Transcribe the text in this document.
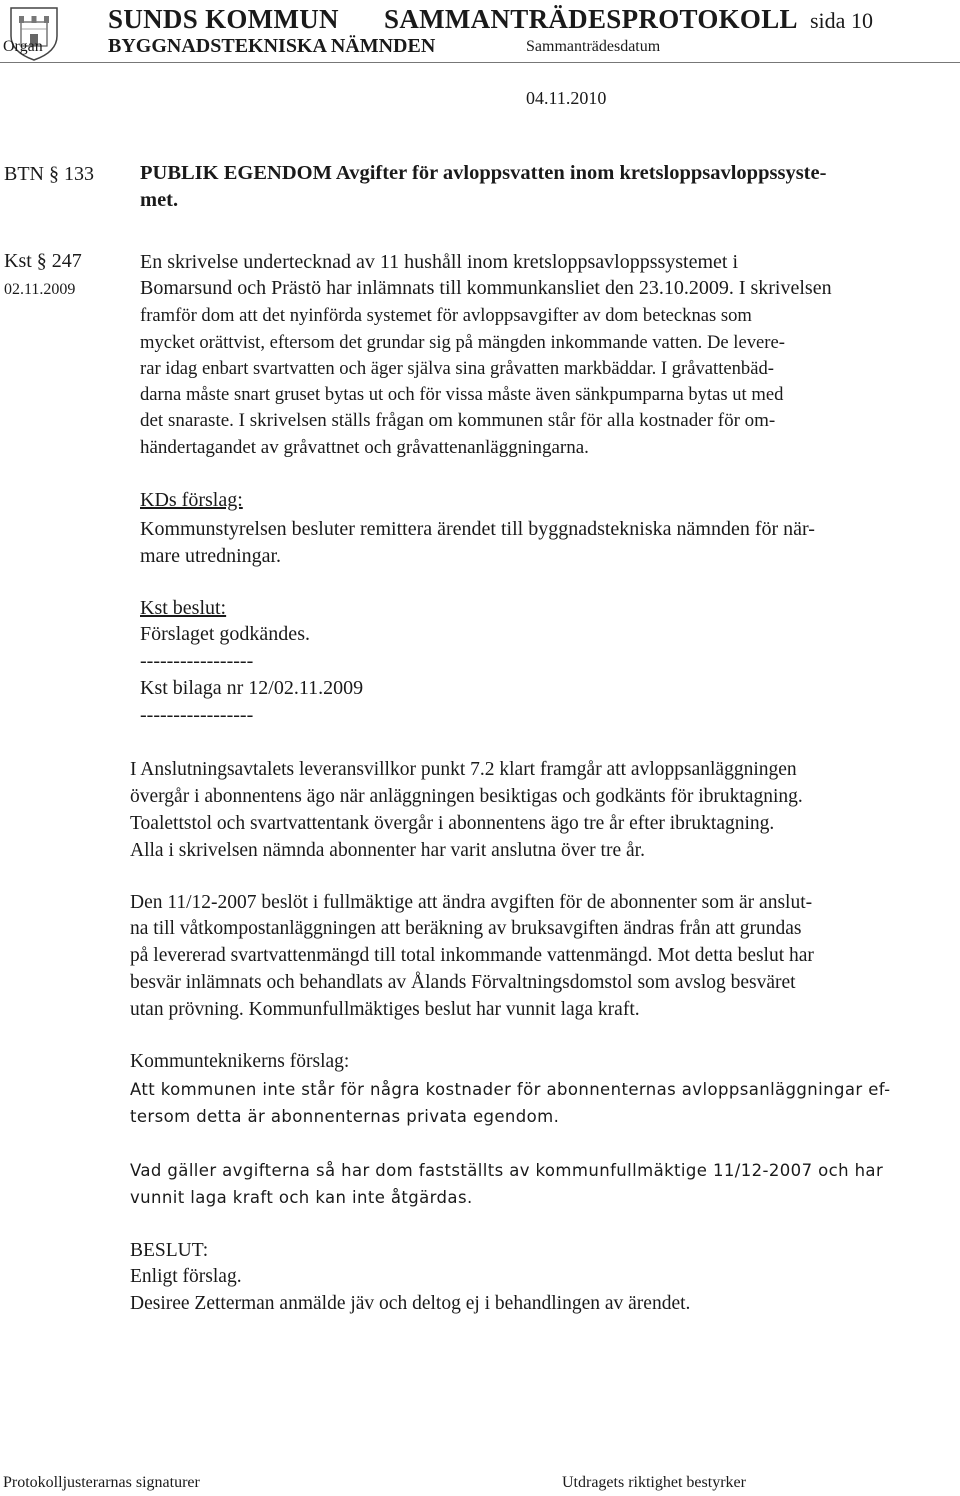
SUNDS KOMMUN SAMMANTRÄDESPROTOKOLL sida 10
Organ	BYGGNADSTEKNISKA NÄMNDEN	Sammanträdesdatum
04.11.2010
BTN § 133
Kst § 247
02.11.2009
PUBLIK EGENDOM Avgifter för avloppsvatten inom kretsloppsavloppssyste-
met.
En skrivelse undertecknad av 11 hushåll inom kretsloppsavloppssystemet i
Bomarsund och Prästö har inlämnats till kommunkansliet den 23.10.2009. I skrivelsen
framför dom att det nyinförda systemet för avloppsavgifter av dom betecknas som
mycket orättvist, eftersom det grundar sig på mängden inkommande vatten. De levere-
rar idag enbart svartvatten och äger själva sina gråvatten markbäddar. I gråvattenbäd-
darna måste snart gruset bytas ut och för vissa måste även sänkpumparna bytas ut med
det snaraste. I skrivelsen ställs frågan om kommunen står för alla kostnader för om-
händertagandet av gråvattnet och gråvattenanläggningarna.
KDs förslag:
Kommunstyrelsen besluter remittera ärendet till byggnadstekniska nämnden för när-
mare utredningar.
Kst beslut:
Förslaget godkändes.
-----------------
Kst bilaga nr 12/02.11.2009
-----------------
I Anslutningsavtalets leveransvillkor punkt 7.2 klart framgår att avloppsanläggningen
övergår i abonnentens ägo när anläggningen besiktigas och godkänts för ibruktagning.
Toalettstol och svartvattentank övergår i abonnentens ägo tre år efter ibruktagning.
Alla i skrivelsen nämnda abonnenter har varit anslutna över tre år.
Den 11/12-2007 beslöt i fullmäktige att ändra avgiften för de abonnenter som är anslut-
na till våtkompostanläggningen att beräkning av bruksavgiften ändras från att grundas
på levererad svartvattenmängd till total inkommande vattenmängd. Mot detta beslut har
besvär inlämnats och behandlats av Ålands Förvaltningsdomstol som avslog besväret
utan prövning. Kommunfullmäktiges beslut har vunnit laga kraft.
Kommunteknikerns förslag:
Att kommunen inte står för några kostnader för abonnenternas avloppsanläggningar ef-
tersom detta är abonnenternas privata egendom.
Vad gäller avgifterna så har dom fastställts av kommunfullmäktige 11/12-2007 och har
vunnit laga kraft och kan inte åtgärdas.
BESLUT:
Enligt förslag.
Desiree Zetterman anmälde jäv och deltog ej i behandlingen av ärendet.
Protokolljusterarnas signaturer	Utdragets riktighet bestyrker
